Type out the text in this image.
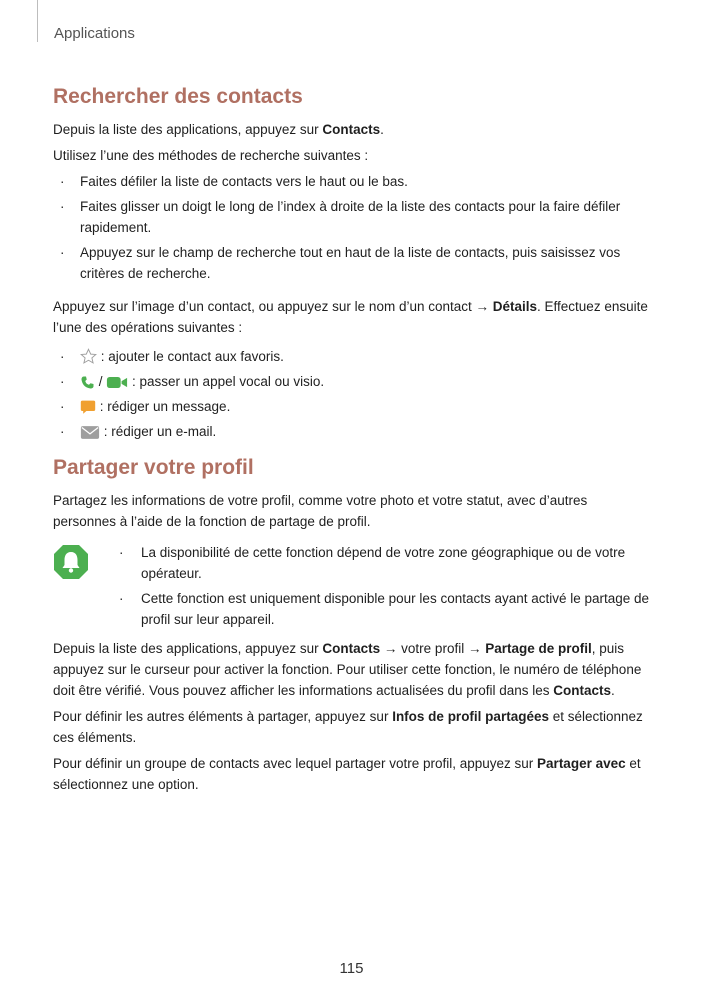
Applications
Rechercher des contacts

Depuis la liste des applications, appuyez sur Contacts.

Utilisez l’une des méthodes de recherche suivantes :

· Faites défiler la liste de contacts vers le haut ou le bas.
· Faites glisser un doigt le long de l’index à droite de la liste des contacts pour la faire défiler rapidement.
· Appuyez sur le champ de recherche tout en haut de la liste de contacts, puis saisissez vos critères de recherche.

Appuyez sur l’image d’un contact, ou appuyez sur le nom d’un contact → Détails. Effectuez ensuite l’une des opérations suivantes :

· : ajouter le contact aux favoris.
· /  : passer un appel vocal ou visio.
· : rédiger un message.
·	: rédiger un e-mail.
Partager votre profil

Partagez les informations de votre profil, comme votre photo et votre statut, avec d’autres personnes à l’aide de la fonction de partage de profil.

· La disponibilité de cette fonction dépend de votre zone géographique ou de votre opérateur.
· Cette fonction est uniquement disponible pour les contacts ayant activé le partage de profil sur leur appareil.

Depuis la liste des applications, appuyez sur Contacts → votre profil → Partage de profil, puis appuyez sur le curseur pour activer la fonction. Pour utiliser cette fonction, le numéro de téléphone doit être vérifié. Vous pouvez afficher les informations actualisées du profil dans les Contacts.

Pour définir les autres éléments à partager, appuyez sur Infos de profil partagées et sélectionnez ces éléments.

Pour définir un groupe de contacts avec lequel partager votre profil, appuyez sur Partager avec et sélectionnez une option.

115
